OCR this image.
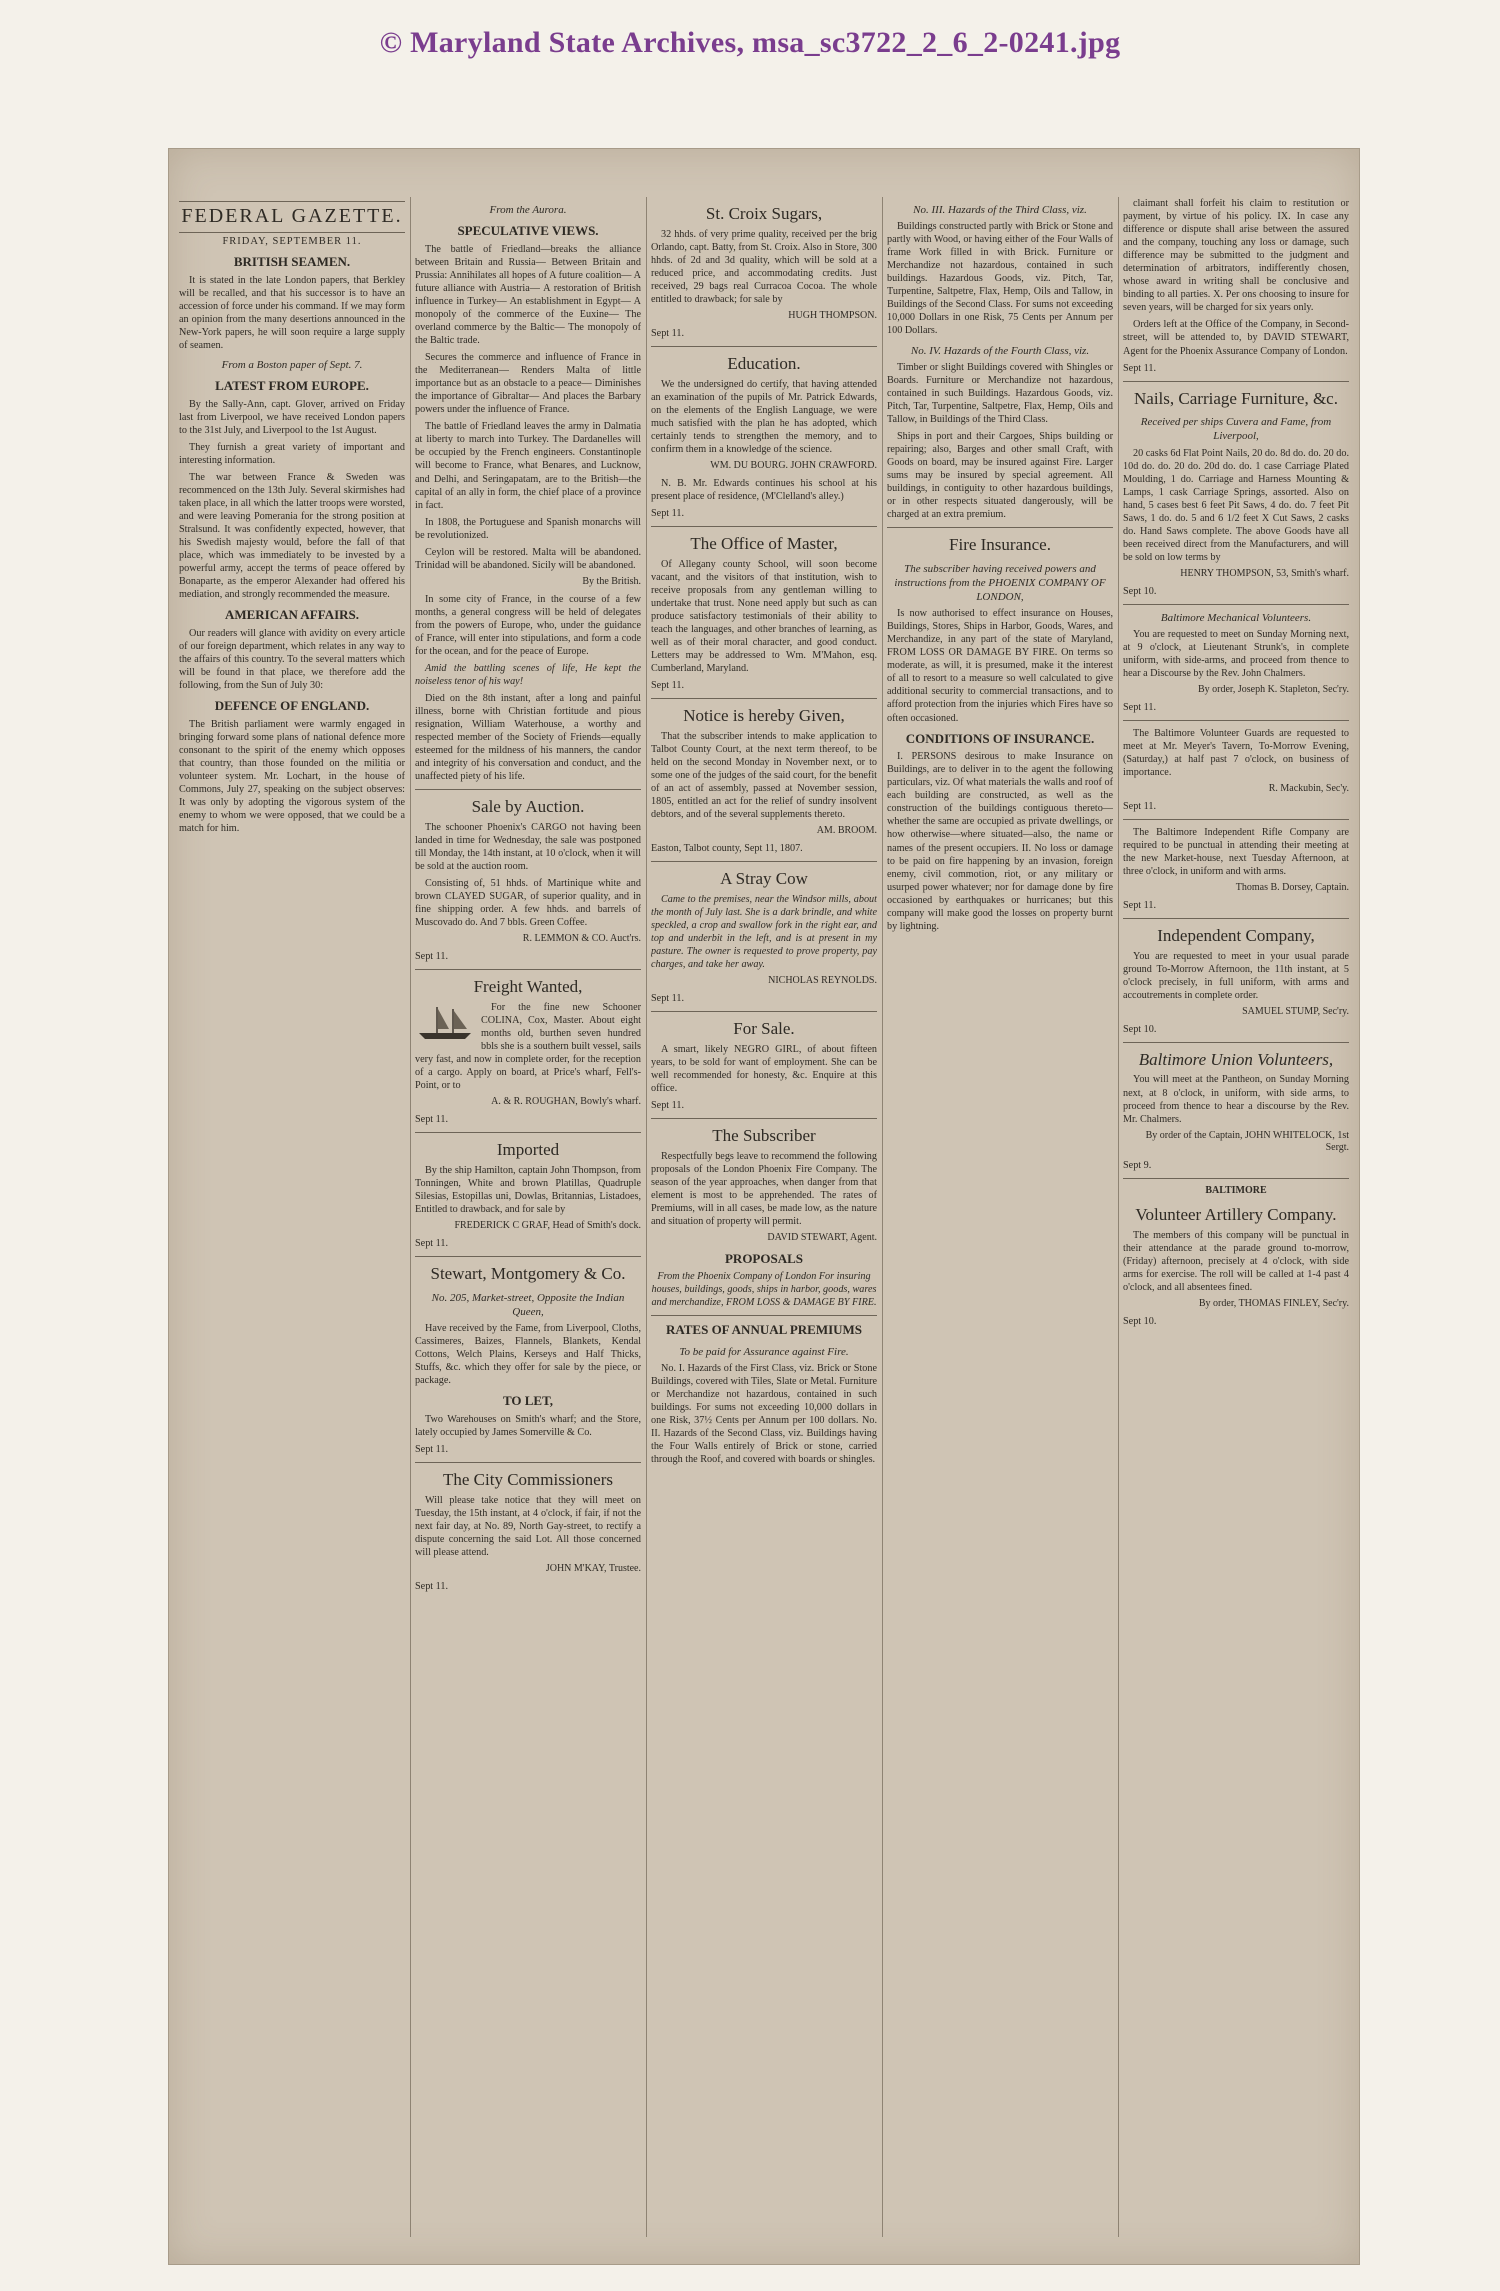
© Maryland State Archives, msa_sc3722_2_6_2-0241.jpg
FEDERAL GAZETTE.
FRIDAY, SEPTEMBER 11.
BRITISH SEAMEN.

It is stated in the late London papers, that Berkley will be recalled, and that his successor is to have an accession of force under his command. If we may form an opinion from the many desertions announced in the New-York papers, he will soon require a large supply of seamen.

From a Boston paper of Sept. 7.
LATEST FROM EUROPE.

By the Sally-Ann, capt. Glover, arrived on Friday last from Liverpool, we have received London papers to the 31st July, and Liverpool to the 1st August.

They furnish a great variety of important and interesting information.

The war between France & Sweden was recommenced on the 13th July. Several skirmishes had taken place, in all which the latter troops were worsted, and were leaving Pomerania for the strong position at Stralsund. It was confidently expected, however, that his Swedish majesty would, before the fall of that place, which was immediately to be invested by a powerful army, accept the terms of peace offered by Bonaparte, as the emperor Alexander had offered his mediation, and strongly recommended the measure.

AMERICAN AFFAIRS.

Our readers will glance with avidity on every article of our foreign department, which relates in any way to the affairs of this country. To the several matters which will be found in that place, we therefore add the following, from the Sun of July 30:

DEFENCE OF ENGLAND.

The British parliament were warmly engaged in bringing forward some plans of national defence more consonant to the spirit of the enemy which opposes that country, than those founded on the militia or volunteer system. Mr. Lochart, in the house of Commons, July 27, speaking on the subject observes: It was only by adopting the vigorous system of the enemy to whom we were opposed, that we could be a match for him.

From the Aurora.
SPECULATIVE VIEWS.

The battle of Friedland—breaks the alliance between Britain and Russia— Between Britain and Prussia: Annihilates all hopes of A future coalition— A future alliance with Austria— A restoration of British influence in Turkey— An establishment in Egypt— A monopoly of the commerce of the Euxine— The overland commerce by the Baltic— The monopoly of the Baltic trade.

Secures the commerce and influence of France in the Mediterranean— Renders Malta of little importance but as an obstacle to a peace— Diminishes the importance of Gibraltar— And places the Barbary powers under the influence of France.

The battle of Friedland leaves the army in Dalmatia at liberty to march into Turkey. The Dardanelles will be occupied by the French engineers. Constantinople will become to France, what Benares, and Lucknow, and Delhi, and Seringapatam, are to the British—the capital of an ally in form, the chief place of a province in fact.

In 1808, the Portuguese and Spanish monarchs will be revolutionized.

Ceylon will be restored. Malta will be abandoned. Trinidad will be abandoned. Sicily will be abandoned.

By the British.

In some city of France, in the course of a few months, a general congress will be held of delegates from the powers of Europe, who, under the guidance of France, will enter into stipulations, and form a code for the ocean, and for the peace of Europe.

Amid the battling scenes of life, He kept the noiseless tenor of his way!

Died on the 8th instant, after a long and painful illness, borne with Christian fortitude and pious resignation, William Waterhouse, a worthy and respected member of the Society of Friends—equally esteemed for the mildness of his manners, the candor and integrity of his conversation and conduct, and the unaffected piety of his life.

Sale by Auction.

The schooner Phoenix's CARGO not having been landed in time for Wednesday, the sale was postponed till Monday, the 14th instant, at 10 o'clock, when it will be sold at the auction room.

Consisting of, 51 hhds. of Martinique white and brown CLAYED SUGAR, of superior quality, and in fine shipping order. A few hhds. and barrels of Muscovado do. And 7 bbls. Green Coffee.

R. LEMMON & CO. Auct'rs.
Sept 11.
Freight Wanted,

For the fine new Schooner COLINA, Cox, Master. About eight months old, burthen seven hundred bbls she is a southern built vessel, sails very fast, and now in complete order, for the reception of a cargo. Apply on board, at Price's wharf, Fell's-Point, or to

A. & R. ROUGHAN, Bowly's wharf.
Sept 11.
Imported

By the ship Hamilton, captain John Thompson, from Tonningen, White and brown Platillas, Quadruple Silesias, Estopillas uni, Dowlas, Britannias, Listadoes, Entitled to drawback, and for sale by

FREDERICK C GRAF, Head of Smith's dock.
Sept 11.
Stewart, Montgomery & Co.
No. 205, Market-street, Opposite the Indian Queen,

Have received by the Fame, from Liverpool, Cloths, Cassimeres, Baizes, Flannels, Blankets, Kendal Cottons, Welch Plains, Kerseys and Half Thicks, Stuffs, &c. which they offer for sale by the piece, or package.

TO LET,

Two Warehouses on Smith's wharf; and the Store, lately occupied by James Somerville & Co.

Sept 11.
The City Commissioners

Will please take notice that they will meet on Tuesday, the 15th instant, at 4 o'clock, if fair, if not the next fair day, at No. 89, North Gay-street, to rectify a dispute concerning the said Lot. All those concerned will please attend.

JOHN M'KAY, Trustee.
Sept 11.
St. Croix Sugars,

32 hhds. of very prime quality, received per the brig Orlando, capt. Batty, from St. Croix. Also in Store, 300 hhds. of 2d and 3d quality, which will be sold at a reduced price, and accommodating credits. Just received, 29 bags real Curracoa Cocoa. The whole entitled to drawback; for sale by

HUGH THOMPSON.
Sept 11.
Education.

We the undersigned do certify, that having attended an examination of the pupils of Mr. Patrick Edwards, on the elements of the English Language, we were much satisfied with the plan he has adopted, which certainly tends to strengthen the memory, and to confirm them in a knowledge of the science.

WM. DU BOURG. JOHN CRAWFORD.

N. B. Mr. Edwards continues his school at his present place of residence, (M'Clelland's alley.)

Sept 11.
The Office of Master,

Of Allegany county School, will soon become vacant, and the visitors of that institution, wish to receive proposals from any gentleman willing to undertake that trust. None need apply but such as can produce satisfactory testimonials of their ability to teach the languages, and other branches of learning, as well as of their moral character, and good conduct. Letters may be addressed to Wm. M'Mahon, esq. Cumberland, Maryland.

Sept 11.
Notice is hereby Given,

That the subscriber intends to make application to Talbot County Court, at the next term thereof, to be held on the second Monday in November next, or to some one of the judges of the said court, for the benefit of an act of assembly, passed at November session, 1805, entitled an act for the relief of sundry insolvent debtors, and of the several supplements thereto.

AM. BROOM.
Easton, Talbot county, Sept 11, 1807.
A Stray Cow

Came to the premises, near the Windsor mills, about the month of July last. She is a dark brindle, and white speckled, a crop and swallow fork in the right ear, and top and underbit in the left, and is at present in my pasture. The owner is requested to prove property, pay charges, and take her away.

NICHOLAS REYNOLDS.
Sept 11.
For Sale.

A smart, likely NEGRO GIRL, of about fifteen years, to be sold for want of employment. She can be well recommended for honesty, &c. Enquire at this office.

Sept 11.
The Subscriber

Respectfully begs leave to recommend the following proposals of the London Phoenix Fire Company. The season of the year approaches, when danger from that element is most to be apprehended. The rates of Premiums, will in all cases, be made low, as the nature and situation of property will permit.

DAVID STEWART, Agent.
PROPOSALS

From the Phoenix Company of London For insuring houses, buildings, goods, ships in harbor, goods, wares and merchandize, FROM LOSS & DAMAGE BY FIRE.

RATES OF ANNUAL PREMIUMS
To be paid for Assurance against Fire.

No. I. Hazards of the First Class, viz. Brick or Stone Buildings, covered with Tiles, Slate or Metal. Furniture or Merchandize not hazardous, contained in such buildings. For sums not exceeding 10,000 dollars in one Risk, 37½ Cents per Annum per 100 dollars. No. II. Hazards of the Second Class, viz. Buildings having the Four Walls entirely of Brick or stone, carried through the Roof, and covered with boards or shingles.

No. III. Hazards of the Third Class, viz.

Buildings constructed partly with Brick or Stone and partly with Wood, or having either of the Four Walls of frame Work filled in with Brick. Furniture or Merchandize not hazardous, contained in such buildings. Hazardous Goods, viz. Pitch, Tar, Turpentine, Saltpetre, Flax, Hemp, Oils and Tallow, in Buildings of the Second Class. For sums not exceeding 10,000 Dollars in one Risk, 75 Cents per Annum per 100 Dollars.

No. IV. Hazards of the Fourth Class, viz.

Timber or slight Buildings covered with Shingles or Boards. Furniture or Merchandize not hazardous, contained in such Buildings. Hazardous Goods, viz. Pitch, Tar, Turpentine, Saltpetre, Flax, Hemp, Oils and Tallow, in Buildings of the Third Class.

Ships in port and their Cargoes, Ships building or repairing; also, Barges and other small Craft, with Goods on board, may be insured against Fire. Larger sums may be insured by special agreement. All buildings, in contiguity to other hazardous buildings, or in other respects situated dangerously, will be charged at an extra premium.

Fire Insurance.
The subscriber having received powers and instructions from the PHOENIX COMPANY OF LONDON,

Is now authorised to effect insurance on Houses, Buildings, Stores, Ships in Harbor, Goods, Wares, and Merchandize, in any part of the state of Maryland, FROM LOSS OR DAMAGE BY FIRE. On terms so moderate, as will, it is presumed, make it the interest of all to resort to a measure so well calculated to give additional security to commercial transactions, and to afford protection from the injuries which Fires have so often occasioned.

CONDITIONS OF INSURANCE.

I. PERSONS desirous to make Insurance on Buildings, are to deliver in to the agent the following particulars, viz. Of what materials the walls and roof of each building are constructed, as well as the construction of the buildings contiguous thereto—whether the same are occupied as private dwellings, or how otherwise—where situated—also, the name or names of the present occupiers. II. No loss or damage to be paid on fire happening by an invasion, foreign enemy, civil commotion, riot, or any military or usurped power whatever; nor for damage done by fire occasioned by earthquakes or hurricanes; but this company will make good the losses on property burnt by lightning.

claimant shall forfeit his claim to restitution or payment, by virtue of his policy. IX. In case any difference or dispute shall arise between the assured and the company, touching any loss or damage, such difference may be submitted to the judgment and determination of arbitrators, indifferently chosen, whose award in writing shall be conclusive and binding to all parties. X. Per ons choosing to insure for seven years, will be charged for six years only.

Orders left at the Office of the Company, in Second-street, will be attended to, by DAVID STEWART, Agent for the Phoenix Assurance Company of London.

Sept 11.
Nails, Carriage Furniture, &c.
Received per ships Cuvera and Fame, from Liverpool,

20 casks 6d Flat Point Nails, 20 do. 8d do. do. 20 do. 10d do. do. 20 do. 20d do. do. 1 case Carriage Plated Moulding, 1 do. Carriage and Harness Mounting & Lamps, 1 cask Carriage Springs, assorted. Also on hand, 5 cases best 6 feet Pit Saws, 4 do. do. 7 feet Pit Saws, 1 do. do. 5 and 6 1/2 feet X Cut Saws, 2 casks do. Hand Saws complete. The above Goods have all been received direct from the Manufacturers, and will be sold on low terms by

HENRY THOMPSON, 53, Smith's wharf.
Sept 10.
Baltimore Mechanical Volunteers.

You are requested to meet on Sunday Morning next, at 9 o'clock, at Lieutenant Strunk's, in complete uniform, with side-arms, and proceed from thence to hear a Discourse by the Rev. John Chalmers.

By order, Joseph K. Stapleton, Sec'ry.
Sept 11.

The Baltimore Volunteer Guards are requested to meet at Mr. Meyer's Tavern, To-Morrow Evening, (Saturday,) at half past 7 o'clock, on business of importance.

R. Mackubin, Sec'y.
Sept 11.

The Baltimore Independent Rifle Company are required to be punctual in attending their meeting at the new Market-house, next Tuesday Afternoon, at three o'clock, in uniform and with arms.

Thomas B. Dorsey, Captain.
Sept 11.
Independent Company,

You are requested to meet in your usual parade ground To-Morrow Afternoon, the 11th instant, at 5 o'clock precisely, in full uniform, with arms and accoutrements in complete order.

SAMUEL STUMP, Sec'ry.
Sept 10.
Baltimore Union Volunteers,

You will meet at the Pantheon, on Sunday Morning next, at 8 o'clock, in uniform, with side arms, to proceed from thence to hear a discourse by the Rev. Mr. Chalmers.

By order of the Captain, JOHN WHITELOCK, 1st Sergt.
Sept 9.
BALTIMORE
Volunteer Artillery Company.

The members of this company will be punctual in their attendance at the parade ground to-morrow, (Friday) afternoon, precisely at 4 o'clock, with side arms for exercise. The roll will be called at 1-4 past 4 o'clock, and all absentees fined.

By order, THOMAS FINLEY, Sec'ry.
Sept 10.
